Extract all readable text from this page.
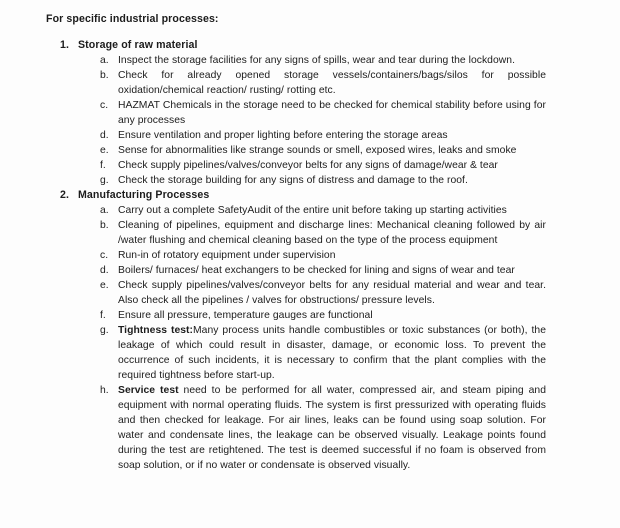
For specific industrial processes:
1. Storage of raw material
a. Inspect the storage facilities for any signs of spills, wear and tear during the lockdown.
b. Check for already opened storage vessels/containers/bags/silos for possible oxidation/chemical reaction/ rusting/ rotting etc.
c. HAZMAT Chemicals in the storage need to be checked for chemical stability before using for any processes
d. Ensure ventilation and proper lighting before entering the storage areas
e. Sense for abnormalities like strange sounds or smell, exposed wires, leaks and smoke
f. Check supply pipelines/valves/conveyor belts for any signs of damage/wear & tear
g. Check the storage building for any signs of distress and damage to the roof.
2. Manufacturing Processes
a. Carry out a complete SafetyAudit of the entire unit before taking up starting activities
b. Cleaning of pipelines, equipment and discharge lines: Mechanical cleaning followed by air /water flushing and chemical cleaning based on the type of the process equipment
c. Run-in of rotatory equipment under supervision
d. Boilers/ furnaces/ heat exchangers to be checked for lining and signs of wear and tear
e. Check supply pipelines/valves/conveyor belts for any residual material and wear and tear. Also check all the pipelines / valves for obstructions/ pressure levels.
f. Ensure all pressure, temperature gauges are functional
g. Tightness test:Many process units handle combustibles or toxic substances (or both), the leakage of which could result in disaster, damage, or economic loss. To prevent the occurrence of such incidents, it is necessary to confirm that the plant complies with the required tightness before start-up.
h. Service test need to be performed for all water, compressed air, and steam piping and equipment with normal operating fluids. The system is first pressurized with operating fluids and then checked for leakage. For air lines, leaks can be found using soap solution. For water and condensate lines, the leakage can be observed visually. Leakage points found during the test are retightened. The test is deemed successful if no foam is observed from soap solution, or if no water or condensate is observed visually.
